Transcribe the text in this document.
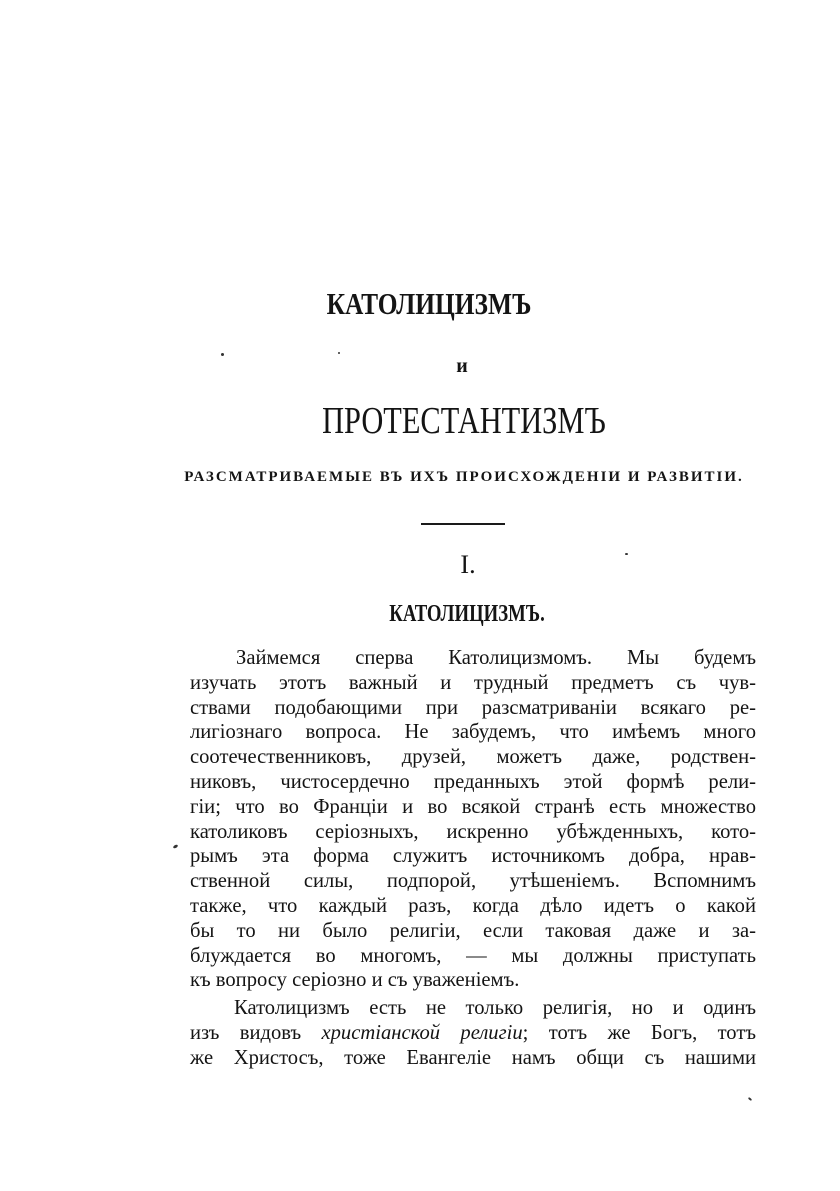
КАТОЛИЦИЗМЪ
и
ПРОТЕСТАНТИЗМЪ
РАЗСМАТРИВАЕМЫЕ ВЪ ИХЪ ПРОИСХОЖДЕНІИ И РАЗВИТІИ.
I.
КАТОЛИЦИЗМЪ.
Займемся сперва Католицизмомъ. Мы будемъ
изучать этотъ важный и трудный предметъ съ чув-
ствами подобающими при разсматриваніи всякаго ре-
лигіознаго вопроса. Не забудемъ, что имѣемъ много
соотечественниковъ, друзей, можетъ даже, родствен-
никовъ, чистосердечно преданныхъ этой формѣ рели-
гіи; что во Франціи и во всякой странѣ есть множество
католиковъ серіозныхъ, искренно убѣжденныхъ, кото-
рымъ эта форма служитъ источникомъ добра, нрав-
ственной силы, подпорой, утѣшеніемъ. Вспомнимъ
также, что каждый разъ, когда дѣло идетъ о какой
бы то ни было религіи, если таковая даже и за-
блуждается во многомъ, — мы должны приступать
къ вопросу серіозно и съ уваженіемъ.
Католицизмъ есть не только религія, но и одинъ
изъ видовъ христіанской религіи; тотъ же Богъ, тотъ
же Христосъ, тоже Евангеліе намъ общи съ нашими
